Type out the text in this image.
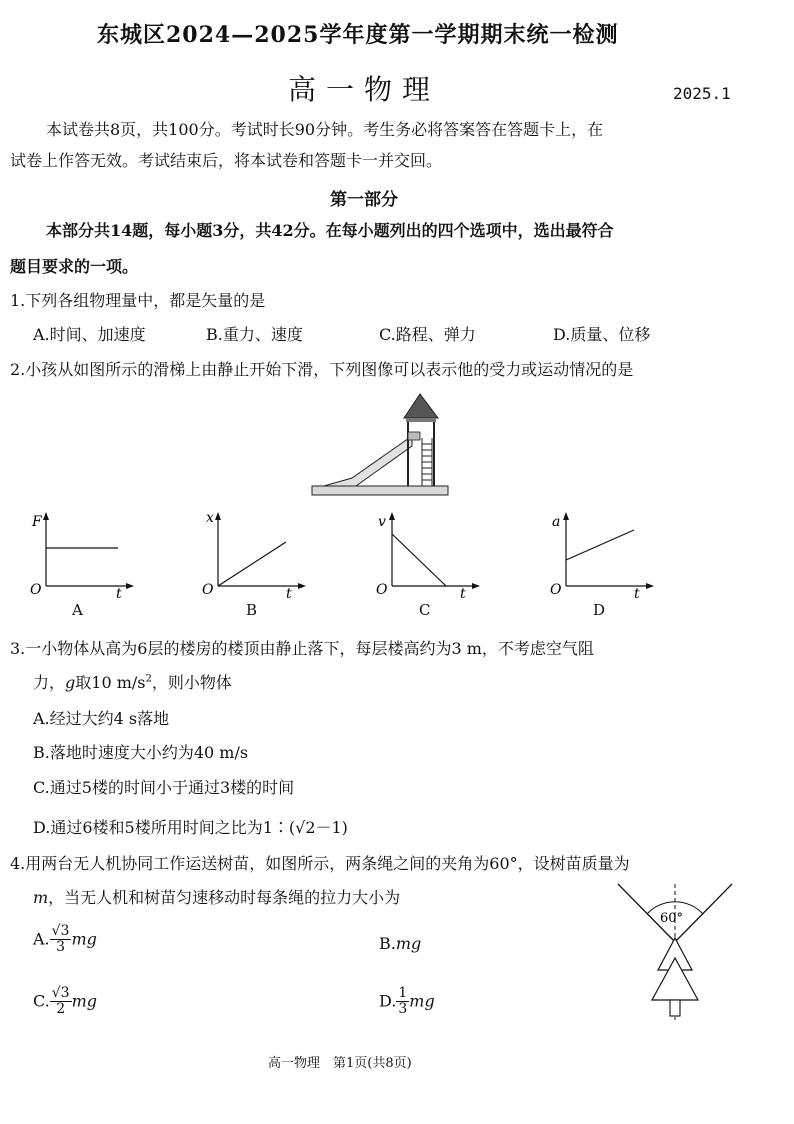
东城区2024—2025学年度第一学期期末统一检测
高一物理	2025.1
本试卷共8页，共100分。考试时长90分钟。考生务必将答案答在答题卡上，在
试卷上作答无效。考试结束后，将本试卷和答题卡一并交回。
第一部分
本部分共14题，每小题3分，共42分。在每小题列出的四个选项中，选出最符合
题目要求的一项。
1.下列各组物理量中，都是矢量的是
A.时间、加速度	B.重力、速度	C.路程、弹力	D.质量、位移
2.小孩从如图所示的滑梯上由静止开始下滑，下列图像可以表示他的受力或运动情况的是
F
O	t
A
x
O	t
B
v
O	t
C
a
O	t
D
3.一小物体从高为6层的楼房的楼顶由静止落下，每层楼高约为3 m，不考虑空气阻
力，g取10 $m/s^2$，则小物体
A.经过大约4 s落地
B.落地时速度大小约为40 m/s
C.通过5楼的时间小于通过3楼的时间
D.通过6楼和5楼所用时间之比为1∶(√2－1)
4.用两台无人机协同工作运送树苗，如图所示，两条绳之间的夹角为60°，设树苗质量为
m，当无人机和树苗匀速移动时每条绳的拉力大小为
A. $\frac{√3}{3}$ mg	B.mg
C. $\frac{√3}{2}$ mg	D. $\frac{1}{3}$ mg
60°
高一物理　第1页(共8页)
